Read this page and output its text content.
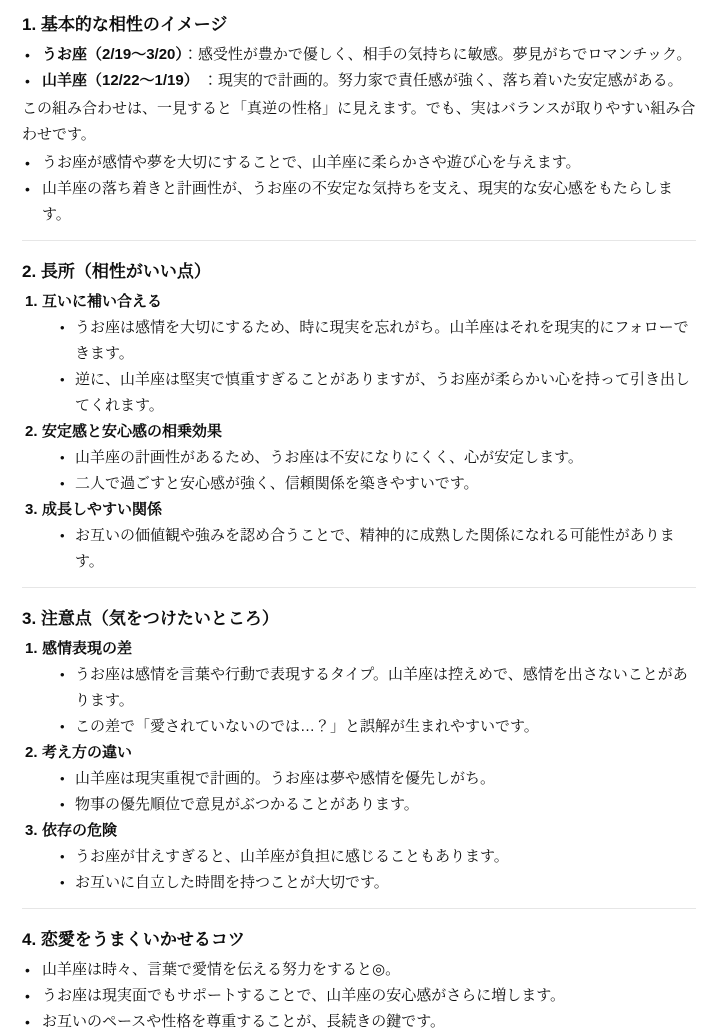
1. 基本的な相性のイメージ
• うお座（2/19〜3/20）：感受性が豊かで優しく、相手の気持ちに敏感。夢見がちでロマンチック。
• 山羊座（12/22〜1/19） ：現実的で計画的。努力家で責任感が強く、落ち着いた安定感がある。

この組み合わせは、一見すると「真逆の性格」に見えます。でも、実はバランスが取りやすい組み合わせです。

• うお座が感情や夢を大切にすることで、山羊座に柔らかさや遊び心を与えます。
• 山羊座の落ち着きと計画性が、うお座の不安定な気持ちを支え、現実的な安心感をもたらします。
2. 長所（相性がいい点）
互いに補い合える
• うお座は感情を大切にするため、時に現実を忘れがち。山羊座はそれを現実的にフォローできます。
• 逆に、山羊座は堅実で慎重すぎることがありますが、うお座が柔らかい心を持って引き出してくれます。
安定感と安心感の相乗効果
• 山羊座の計画性があるため、うお座は不安になりにくく、心が安定します。
• 二人で過ごすと安心感が強く、信頼関係を築きやすいです。
成長しやすい関係
• お互いの価値観や強みを認め合うことで、精神的に成熟した関係になれる可能性があります。
3. 注意点（気をつけたいところ）
感情表現の差
• うお座は感情を言葉や行動で表現するタイプ。山羊座は控えめで、感情を出さないことがあります。
• この差で「愛されていないのでは…？」と誤解が生まれやすいです。
考え方の違い
• 山羊座は現実重視で計画的。うお座は夢や感情を優先しがち。
• 物事の優先順位で意見がぶつかることがあります。
依存の危険
• うお座が甘えすぎると、山羊座が負担に感じることもあります。
• お互いに自立した時間を持つことが大切です。
4. 恋愛をうまくいかせるコツ
• 山羊座は時々、言葉で愛情を伝える努力をすると◎。
• うお座は現実面でもサポートすることで、山羊座の安心感がさらに増します。
• お互いのペースや性格を尊重することが、長続きの鍵です。
